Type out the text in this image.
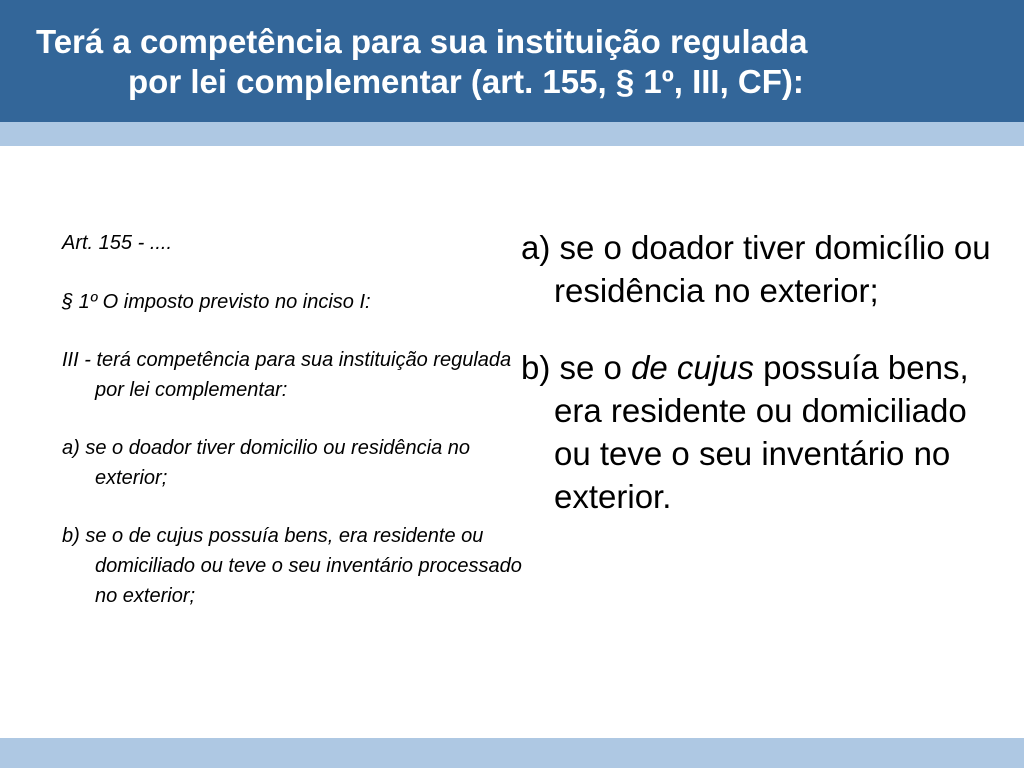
Terá a competência para sua instituição regulada
por lei complementar (art. 155, § 1º, III, CF):

Art. 155 - ....

§ 1º O imposto previsto no inciso I:

III - terá competência para sua instituição regulada por lei complementar:

a) se o doador tiver domicilio ou residência no exterior;

b) se o de cujus possuía bens, era residente ou domiciliado ou teve o seu inventário processado no exterior;

a) se o doador tiver domicílio ou residência no exterior;

b) se o de cujus possuía bens, era residente ou domiciliado ou teve o seu inventário no exterior.
